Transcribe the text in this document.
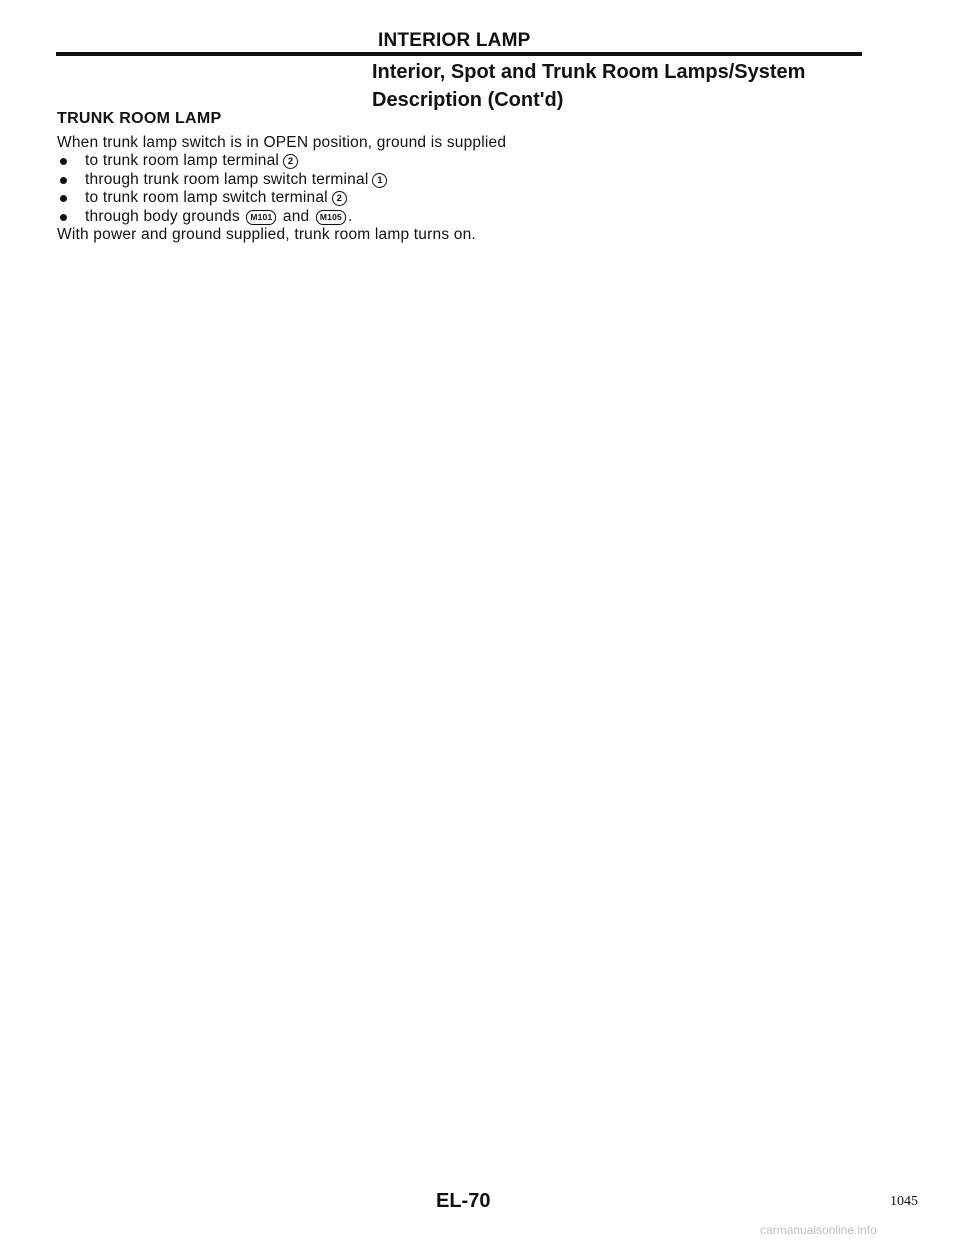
INTERIOR LAMP
Interior, Spot and Trunk Room Lamps/System
Description (Cont'd)
TRUNK ROOM LAMP

When trunk lamp switch is in OPEN position, ground is supplied

to trunk room lamp terminal 2
through trunk room lamp switch terminal 1
to trunk room lamp switch terminal 2
through body grounds M101 and M105 .

With power and ground supplied, trunk room lamp turns on.

EL-70	1045
carmanualsonline.info
